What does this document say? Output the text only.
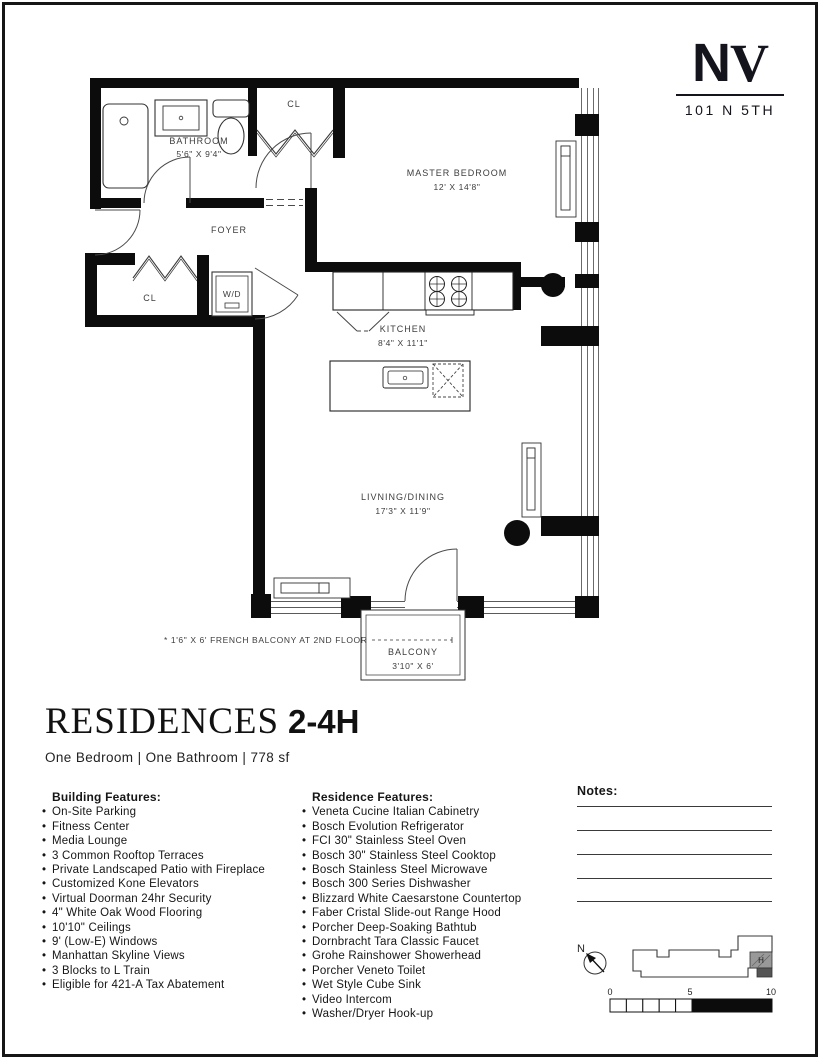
NV
101 N 5TH
BATHROOM
5'6" X 9'4"
CL
MASTER BEDROOM
12' X 14'8"
FOYER
CL	W/D
KITCHEN
8'4" X 11'1"
LIVNING/DINING
17'3" X 11'9"
BALCONY
3'10" X 6'
* 1'6" X 6' FRENCH BALCONY AT 2ND FLOOR
RESIDENCES 2-4H
One Bedroom | One Bathroom | 778 sf
Building Features:
• On-Site Parking
• Fitness Center
• Media Lounge
• 3 Common Rooftop Terraces
• Private Landscaped Patio with Fireplace
• Customized Kone Elevators
• Virtual Doorman 24hr Security
• 4" White Oak Wood Flooring
• 10'10" Ceilings
• 9' (Low-E) Windows
• Manhattan Skyline Views
• 3 Blocks to L Train
• Eligible for 421-A Tax Abatement
Residence Features:
• Veneta Cucine Italian Cabinetry
• Bosch Evolution Refrigerator
• FCI 30" Stainless Steel Oven
• Bosch 30" Stainless Steel Cooktop
• Bosch Stainless Steel Microwave
• Bosch 300 Series Dishwasher
• Blizzard White Caesarstone Countertop
• Faber Cristal Slide-out Range Hood
• Porcher Deep-Soaking Bathtub
• Dornbracht Tara Classic Faucet
• Grohe Rainshower Showerhead
• Porcher Veneto Toilet
• Wet Style Cube Sink
• Video Intercom
• Washer/Dryer Hook-up
Notes:
N
H
0	5	10
